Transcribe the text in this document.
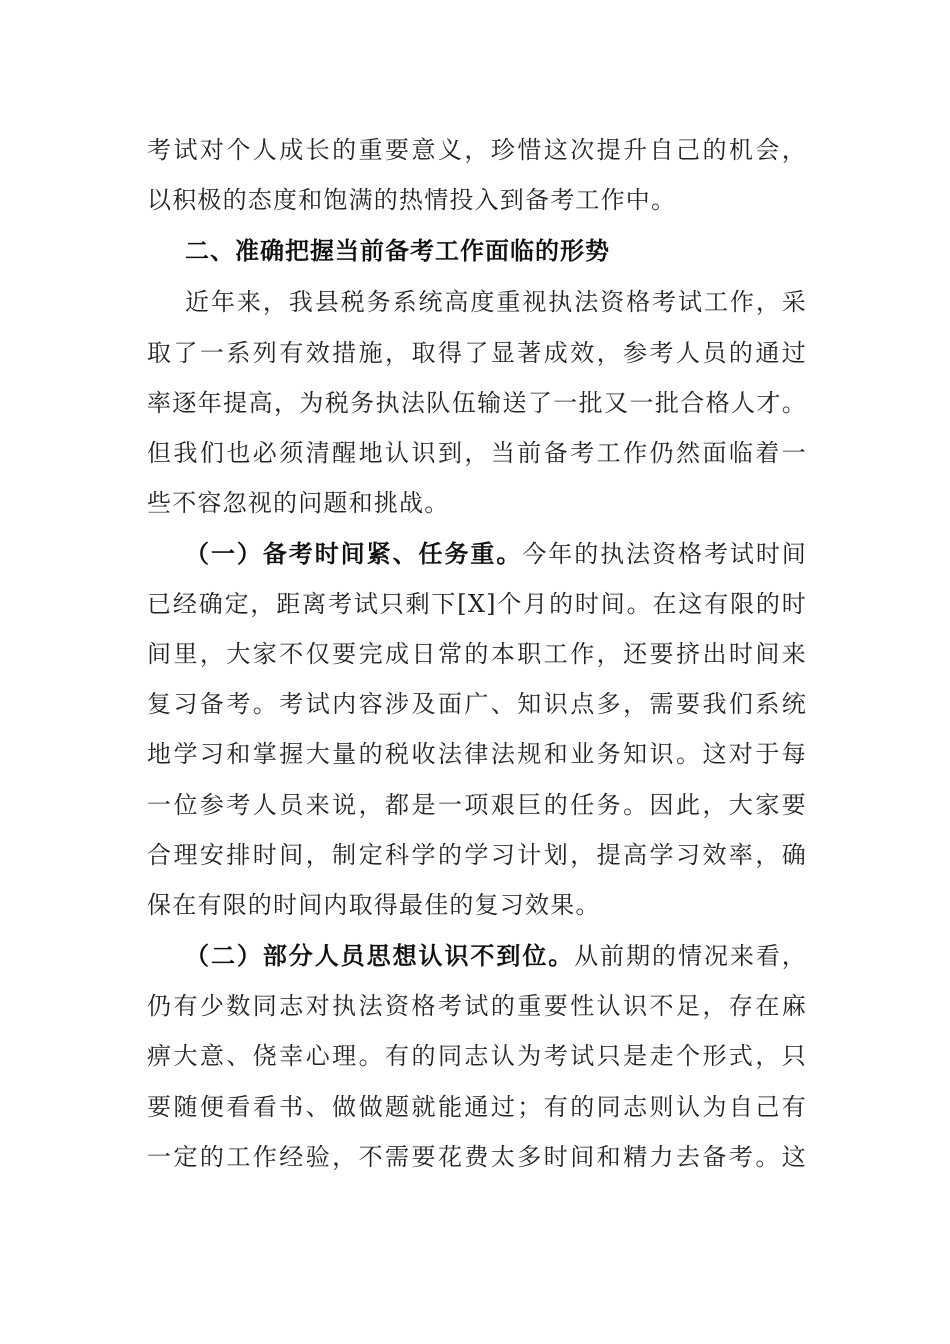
考试对个人成长的重要意义，珍惜这次提升自己的机会，
以积极的态度和饱满的热情投入到备考工作中。
二、准确把握当前备考工作面临的形势
近年来，我县税务系统高度重视执法资格考试工作，采
取了一系列有效措施，取得了显著成效，参考人员的通过
率逐年提高，为税务执法队伍输送了一批又一批合格人才。
但我们也必须清醒地认识到，当前备考工作仍然面临着一
些不容忽视的问题和挑战。
（一）备考时间紧、任务重。今年的执法资格考试时间
已经确定，距离考试只剩下[X]个月的时间。在这有限的时
间里，大家不仅要完成日常的本职工作，还要挤出时间来
复习备考。考试内容涉及面广、知识点多，需要我们系统
地学习和掌握大量的税收法律法规和业务知识。这对于每
一位参考人员来说，都是一项艰巨的任务。因此，大家要
合理安排时间，制定科学的学习计划，提高学习效率，确
保在有限的时间内取得最佳的复习效果。
（二）部分人员思想认识不到位。从前期的情况来看，
仍有少数同志对执法资格考试的重要性认识不足，存在麻
痹大意、侥幸心理。有的同志认为考试只是走个形式，只
要随便看看书、做做题就能通过；有的同志则认为自己有
一定的工作经验，不需要花费太多时间和精力去备考。这
